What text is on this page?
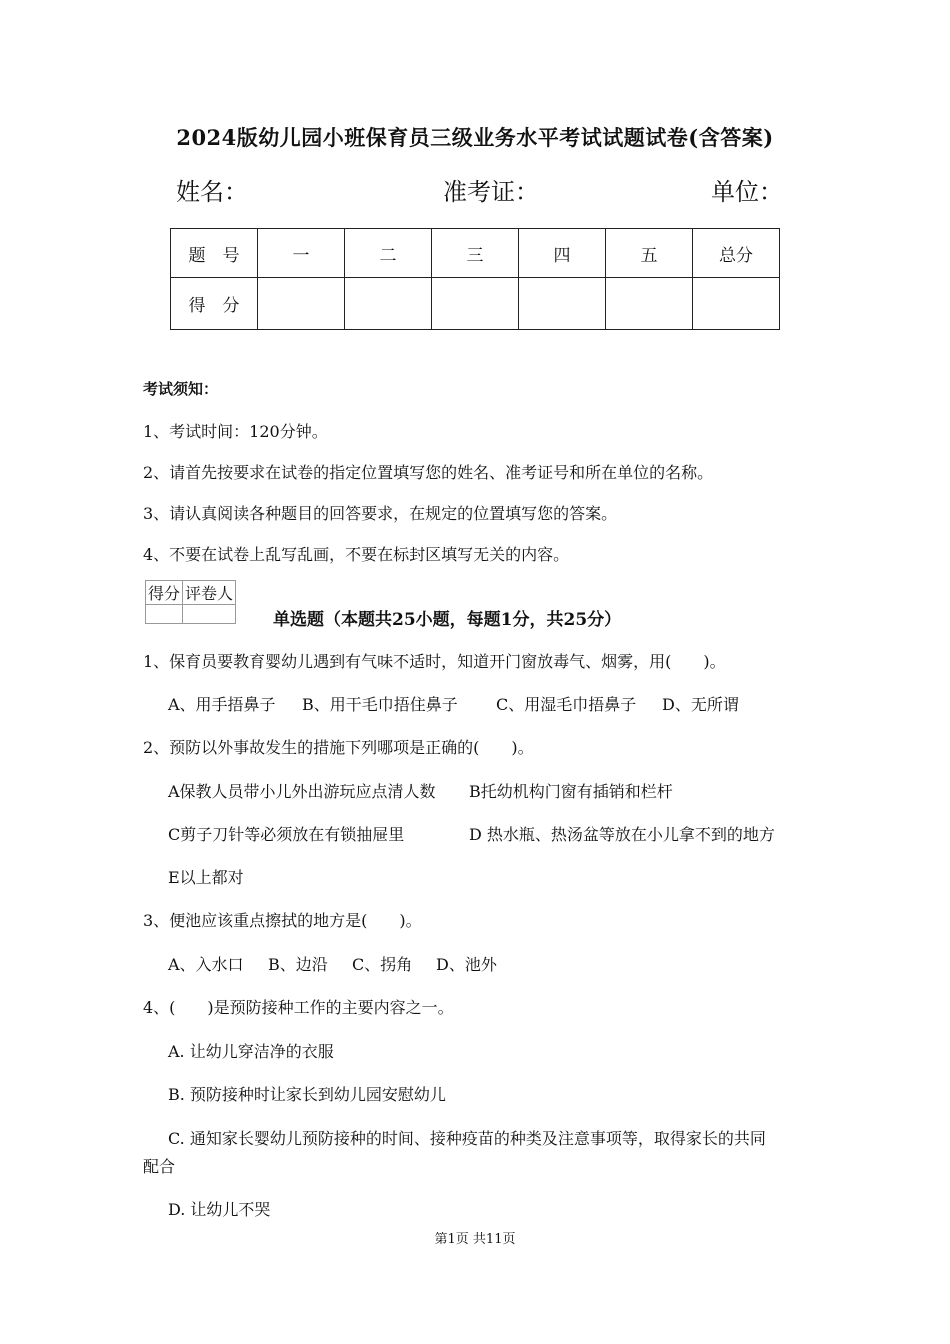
2024版幼儿园小班保育员三级业务水平考试试题试卷(含答案)
姓名：	准考证：	单位：
题　号	一	二	三	四	五	总分
得　分						
考试须知：
1、考试时间：120分钟。
2、请首先按要求在试卷的指定位置填写您的姓名、准考证号和所在单位的名称。
3、请认真阅读各种题目的回答要求，在规定的位置填写您的答案。
4、不要在试卷上乱写乱画，不要在标封区填写无关的内容。
得分	评卷人

单选题（本题共25小题，每题1分，共25分）
1、保育员要教育婴幼儿遇到有气味不适时，知道开门窗放毒气、烟雾，用(　　)。
A、用手捂鼻子 B、用干毛巾捂住鼻子 C、用湿毛巾捂鼻子 D、无所谓
2、预防以外事故发生的措施下列哪项是正确的(　　)。
A保教人员带小儿外出游玩应点清人数 B托幼机构门窗有插销和栏杆
C剪子刀针等必须放在有锁抽屉里	D 热水瓶、热汤盆等放在小儿拿不到的地方
E以上都对
3、便池应该重点擦拭的地方是(　　)。
A、入水口 B、边沿 C、拐角 D、池外
4、(　　)是预防接种工作的主要内容之一。
A. 让幼儿穿洁净的衣服
B. 预防接种时让家长到幼儿园安慰幼儿
C. 通知家长婴幼儿预防接种的时间、接种疫苗的种类及注意事项等，取得家长的共同
配合
D. 让幼儿不哭
第1页 共11页
